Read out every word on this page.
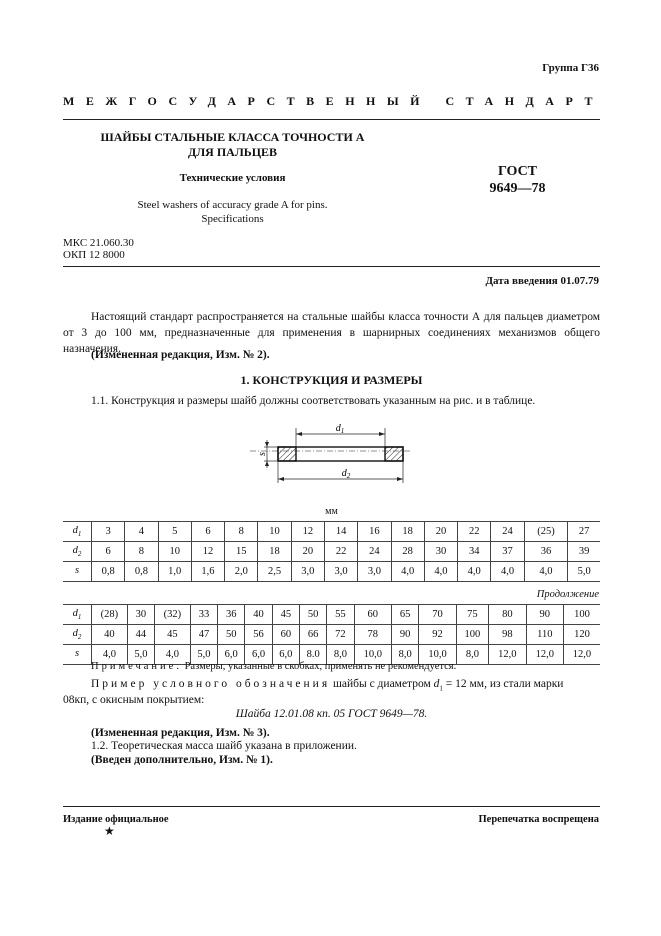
Группа Г36
МЕЖГОСУДАРСТВЕННЫЙ СТАНДАРТ
ШАЙБЫ СТАЛЬНЫЕ КЛАССА ТОЧНОСТИ А
ДЛЯ ПАЛЬЦЕВ
Технические условия
Steel washers of accuracy grade A for pins.
Specifications
ГОСТ
9649—78
МКС 21.060.30
ОКП 12 8000
Дата введения 01.07.79
Настоящий стандарт распространяется на стальные шайбы класса точности А для пальцев диаметром от 3 до 100 мм, предназначенные для применения в шарнирных соединениях механизмов общего назначения.
(Измененная редакция, Изм. № 2).
1. КОНСТРУКЦИЯ И РАЗМЕРЫ
1.1. Конструкция и размеры шайб должны соответствовать указанным на рис. и в таблице.
$d_1$
$d_2$
s
мм
$d_1$	3	4	5	6	8	10	12	14	16	18	20	22	24	(25)	27
$d_2$	6	8	10	12	15	18	20	22	24	28	30	34	37	36	39
s	0,8	0,8	1,0	1,6	2,0	2,5	3,0	3,0	3,0	4,0	4,0	4,0	4,0	4,0	5,0
Продолжение
$d_1$	(28)	30	(32)	33	36	40	45	50	55	60	65	70	75	80	90	100
$d_2$	40	44	45	47	50	56	60	66	72	78	90	92	100	98	110	120
s	4,0	5,0	4,0	5,0	6,0	6,0	6,0	8.0	8,0	10,0	8,0	10,0	8,0	12,0	12,0	12,0
Примечание. Размеры, указанные в скобках, применять не рекомендуется.
Пример условного обозначения шайбы с диаметром $d_1 = 12$ мм, из стали марки
08кп, с окисным покрытием:
Шайба 12.01.08 кп. 05 ГОСТ 9649—78.
(Измененная редакция, Изм. № 3).
1.2. Теоретическая масса шайб указана в приложении.
(Введен дополнительно, Изм. № 1).
Издание официальное
★
Перепечатка воспрещена
